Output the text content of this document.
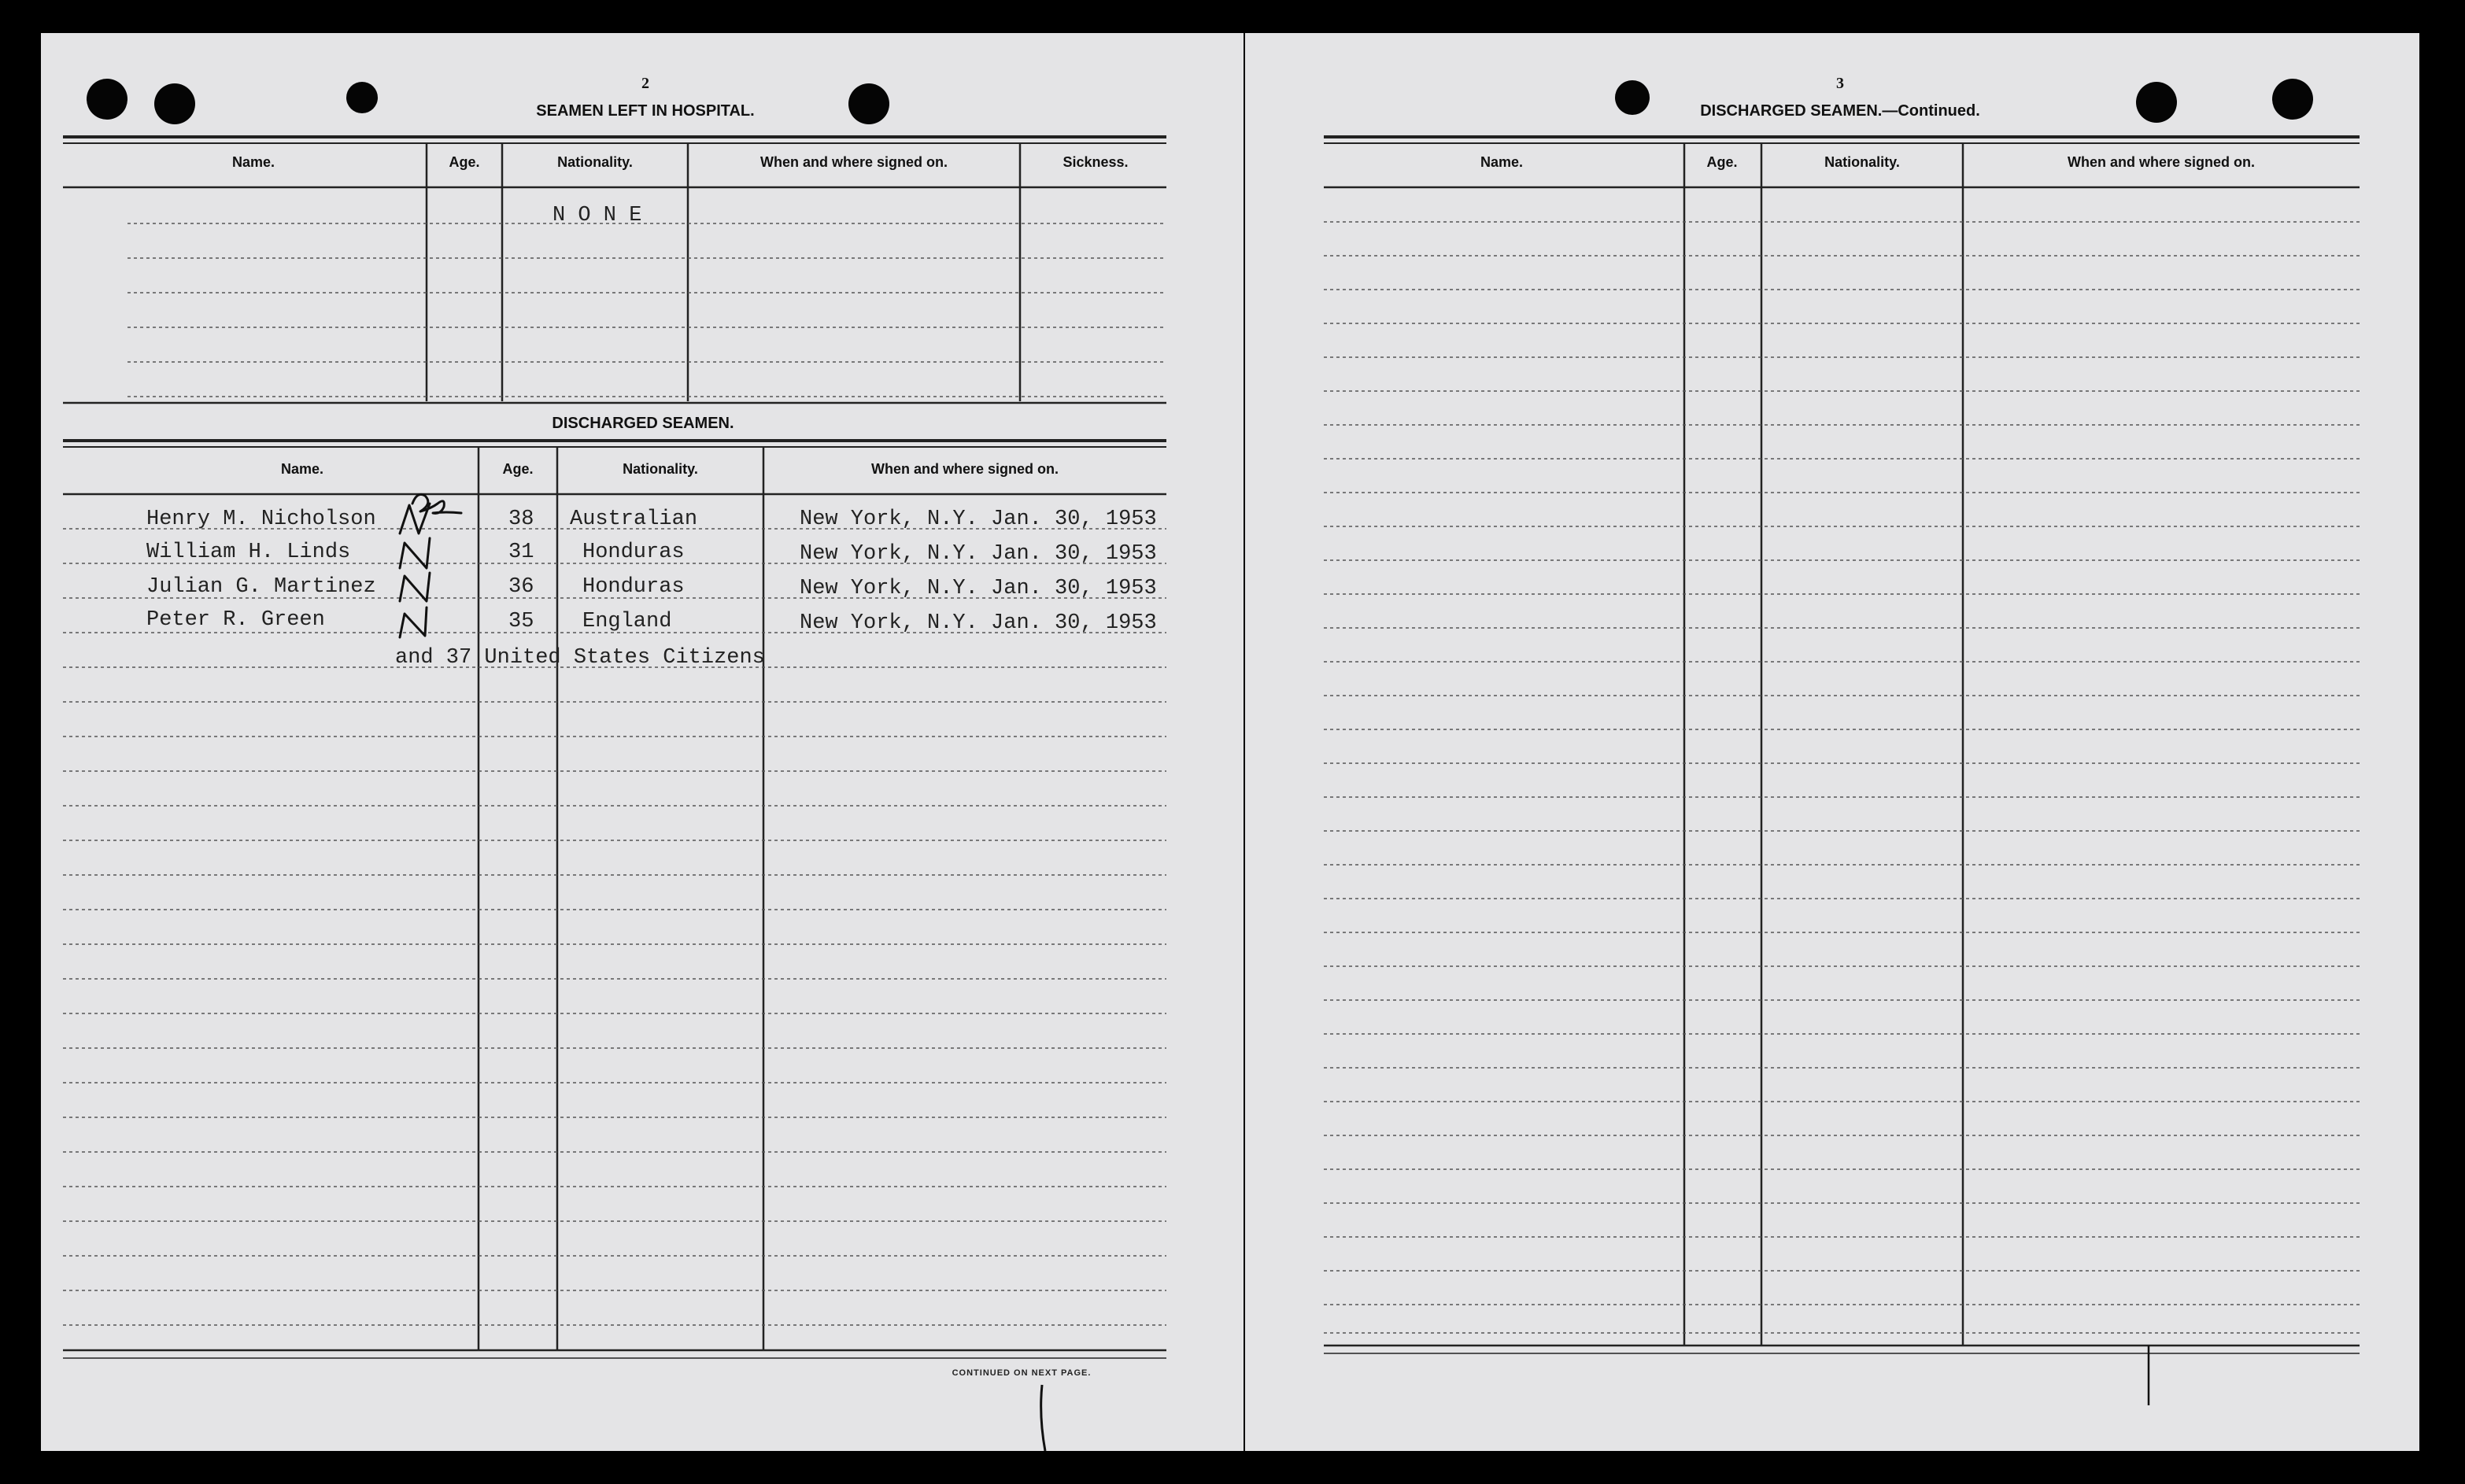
2
SEAMEN LEFT IN HOSPITAL.
Name.	Age.	Nationality.	When and where signed on.	Sickness.
N O N E
DISCHARGED SEAMEN.
Name.	Age.	Nationality.	When and where signed on.
Henry M. Nicholson	38 Australian	New York, N.Y. Jan. 30, 1953
William H. Linds	31 Honduras	New York, N.Y. Jan. 30, 1953
Julian G. Martinez	36 Honduras	New York, N.Y. Jan. 30, 1953
Peter R. Green	35 England	New York, N.Y. Jan. 30, 1953
and 37 United States Citizens
CONTINUED ON NEXT PAGE.
3
DISCHARGED SEAMEN.—Continued.
Name.	Age.	Nationality.	When and where signed on.
